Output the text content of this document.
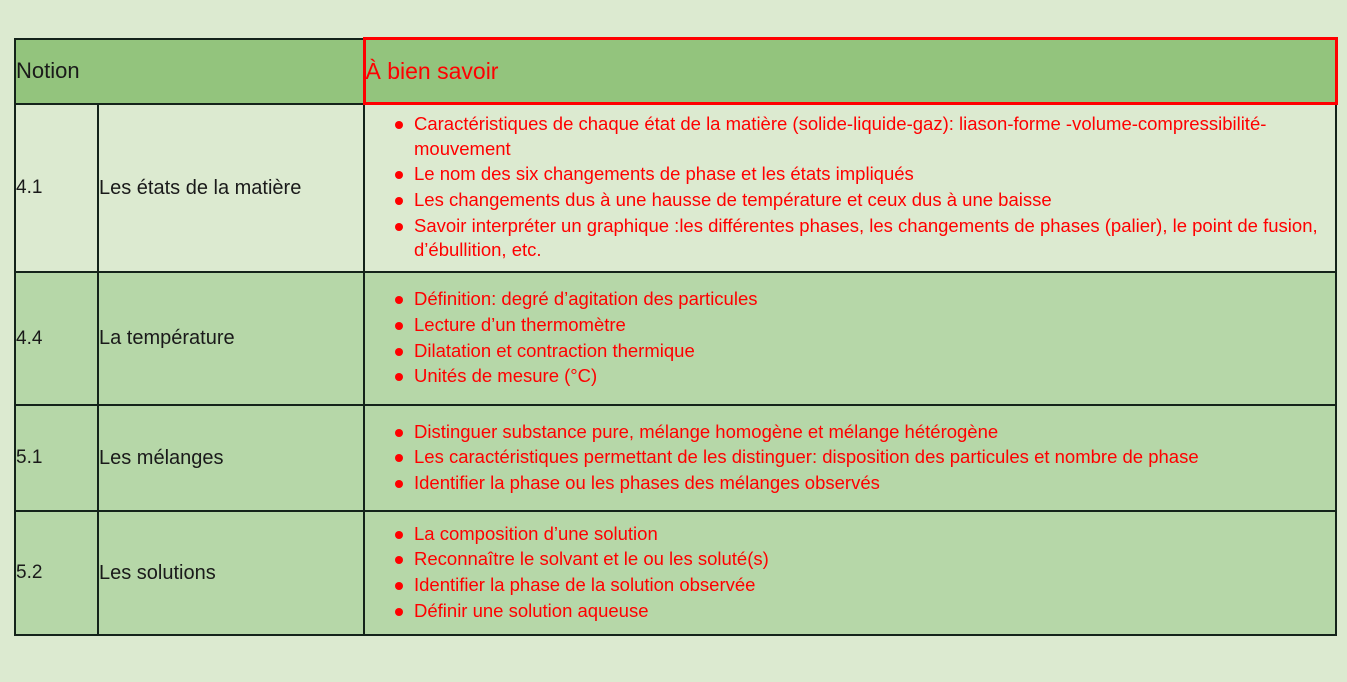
Notion		À bien savoir
4.1	Les états de la matière	
Caractéristiques de chaque état de la matière (solide-liquide-gaz): liason-forme -volume-compressibilité-mouvement
Le nom des six changements de phase et les états impliqués
Les changements dus à une hausse de température et ceux dus à une baisse
Savoir interpréter un graphique :les différentes phases, les changements de phases (palier), le point de fusion, d’ébullition, etc.

4.4	La température	
Définition: degré d’agitation des particules
Lecture d’un thermomètre
Dilatation et contraction thermique
Unités de mesure (°C)

5.1	Les mélanges	
Distinguer substance pure, mélange homogène et mélange hétérogène
Les caractéristiques permettant de les distinguer: disposition des particules et nombre de phase
Identifier la phase ou les phases des mélanges observés

5.2	Les solutions	
La composition d’une solution
Reconnaître le solvant et le ou les soluté(s)
Identifier la phase de la solution observée
Définir une solution aqueuse
